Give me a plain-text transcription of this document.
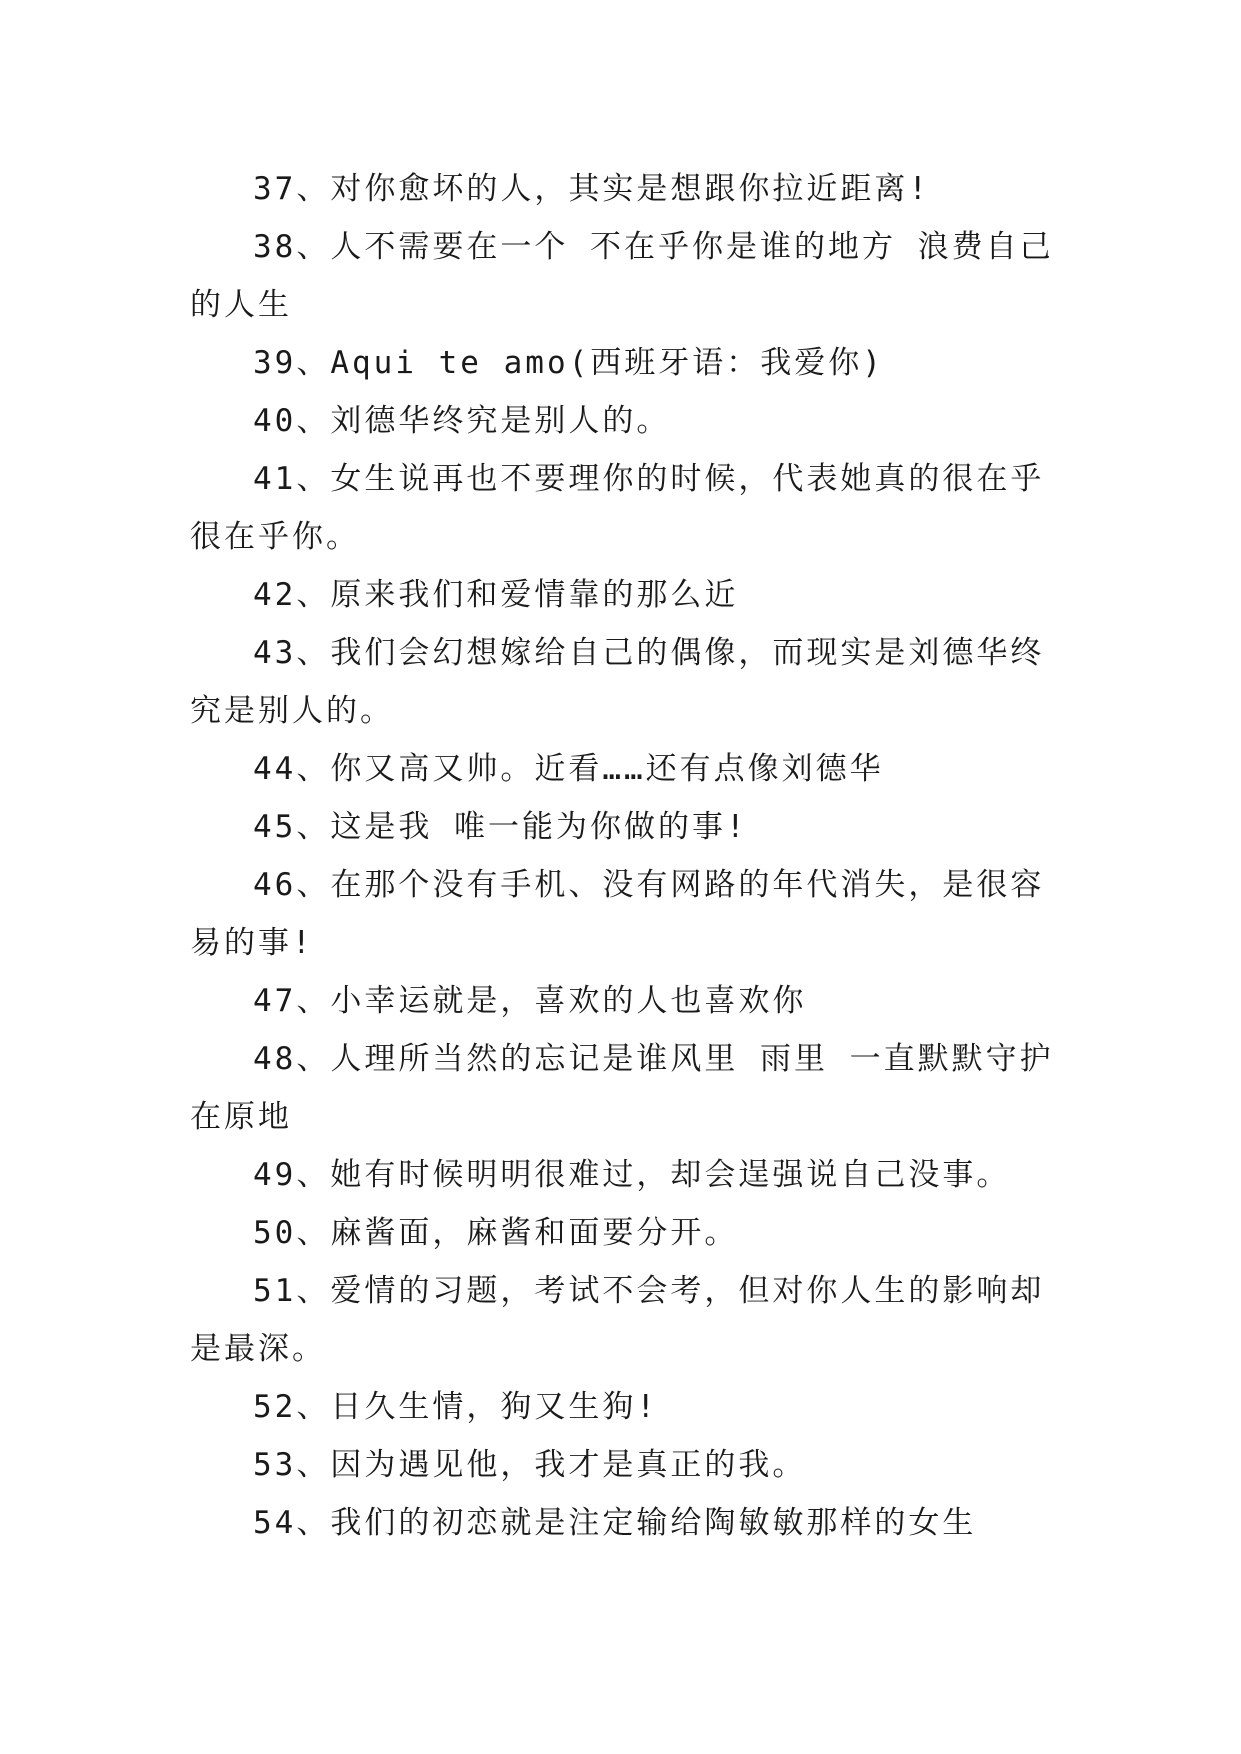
37、对你愈坏的人，其实是想跟你拉近距离!

38、人不需要在一个 不在乎你是谁的地方 浪费自己的人生

39、Aqui te amo(西班牙语：我爱你)

40、刘德华终究是别人的。

41、女生说再也不要理你的时候，代表她真的很在乎很在乎你。

42、原来我们和爱情靠的那么近

43、我们会幻想嫁给自己的偶像，而现实是刘德华终究是别人的。

44、你又高又帅。近看……还有点像刘德华

45、这是我 唯一能为你做的事!

46、在那个没有手机、没有网路的年代消失，是很容易的事!

47、小幸运就是，喜欢的人也喜欢你

48、人理所当然的忘记是谁风里 雨里 一直默默守护在原地

49、她有时候明明很难过，却会逞强说自己没事。

50、麻酱面，麻酱和面要分开。

51、爱情的习题，考试不会考，但对你人生的影响却是最深。

52、日久生情，狗又生狗!

53、因为遇见他，我才是真正的我。

54、我们的初恋就是注定输给陶敏敏那样的女生
